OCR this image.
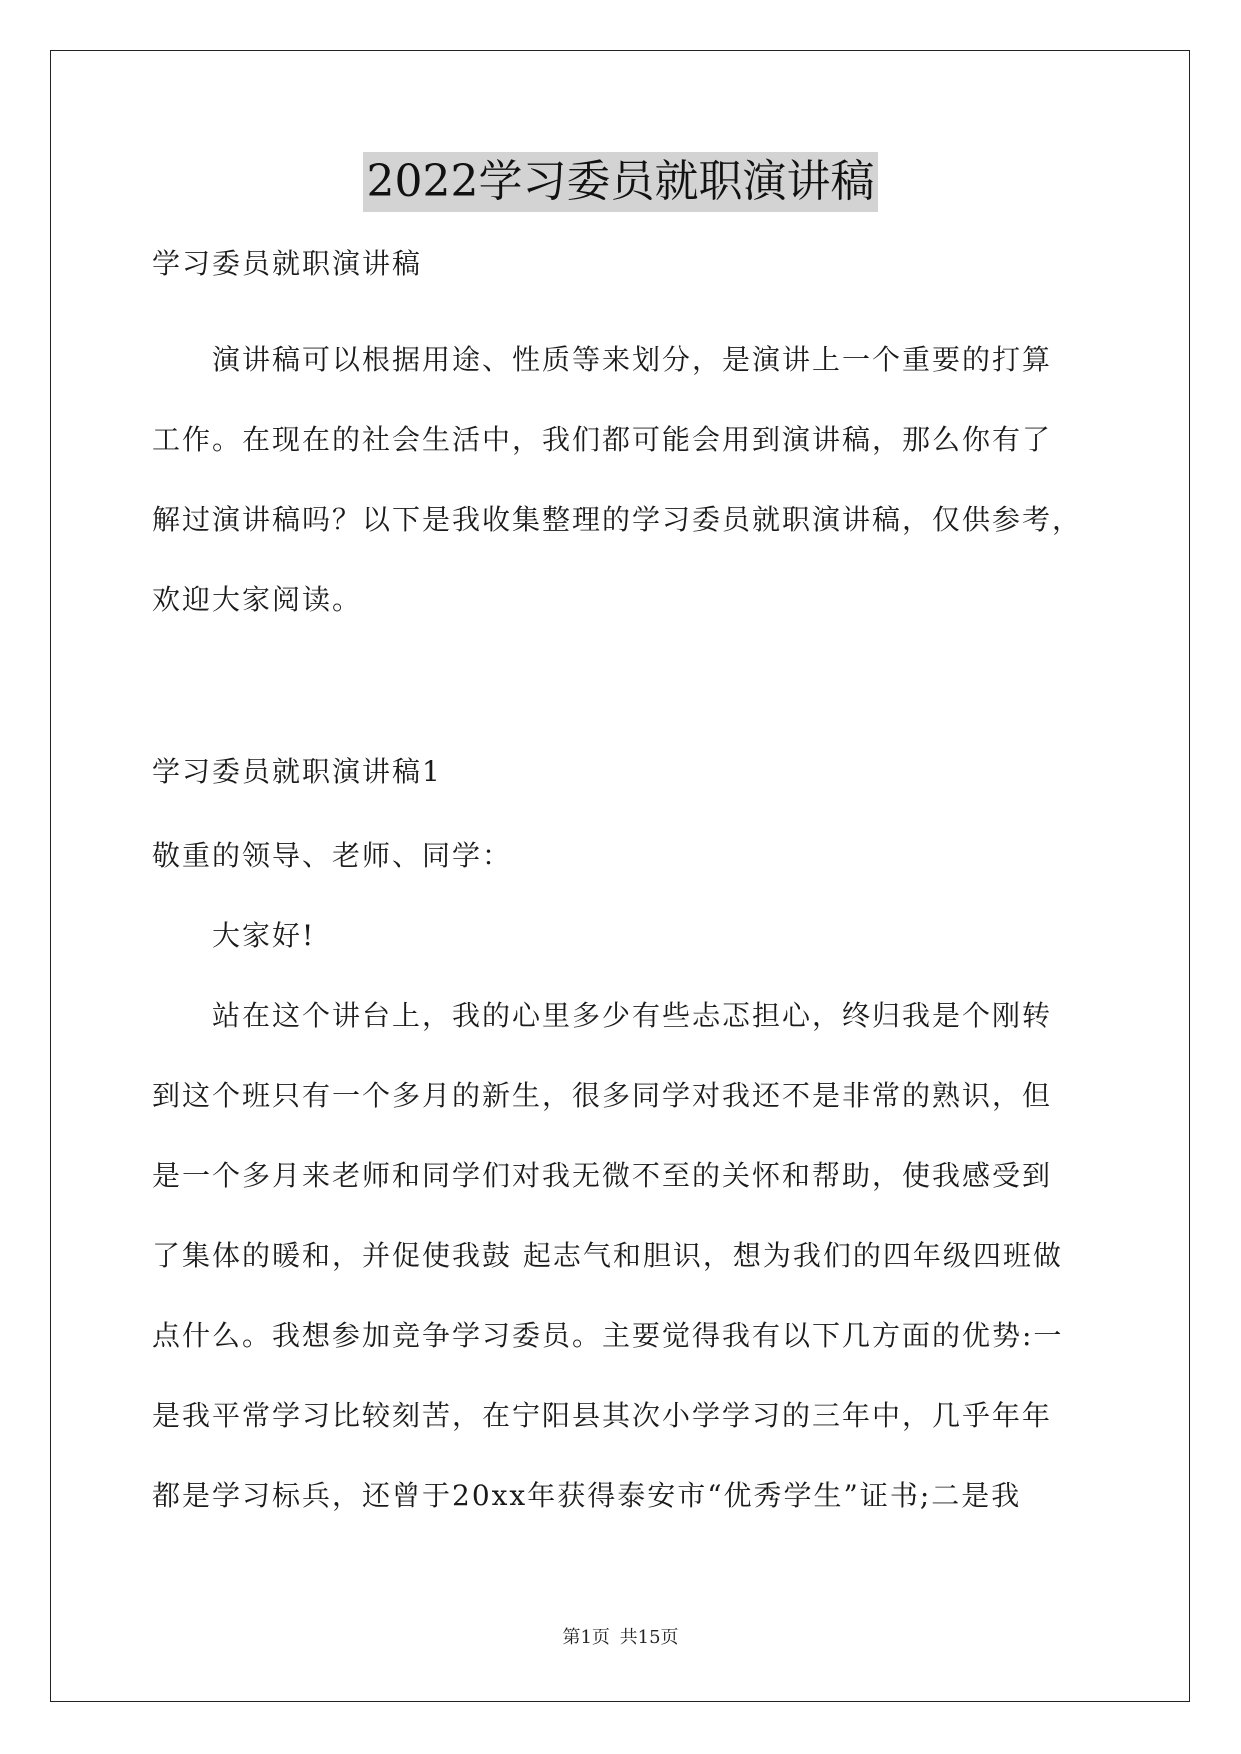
2022学习委员就职演讲稿
学习委员就职演讲稿
　　演讲稿可以根据用途、性质等来划分，是演讲上一个重要的打算
工作。在现在的社会生活中，我们都可能会用到演讲稿，那么你有了
解过演讲稿吗？以下是我收集整理的学习委员就职演讲稿，仅供参考，
欢迎大家阅读。
学习委员就职演讲稿1
敬重的领导、老师、同学：
　　大家好!
　　站在这个讲台上，我的心里多少有些忐忑担心，终归我是个刚转
到这个班只有一个多月的新生，很多同学对我还不是非常的熟识，但
是一个多月来老师和同学们对我无微不至的关怀和帮助，使我感受到
了集体的暖和，并促使我鼓 起志气和胆识，想为我们的四年级四班做
点什么。我想参加竞争学习委员。主要觉得我有以下几方面的优势:一
是我平常学习比较刻苦，在宁阳县其次小学学习的三年中，几乎年年
都是学习标兵，还曾于20xx年获得泰安市“优秀学生”证书;二是我
第1页 共15页
